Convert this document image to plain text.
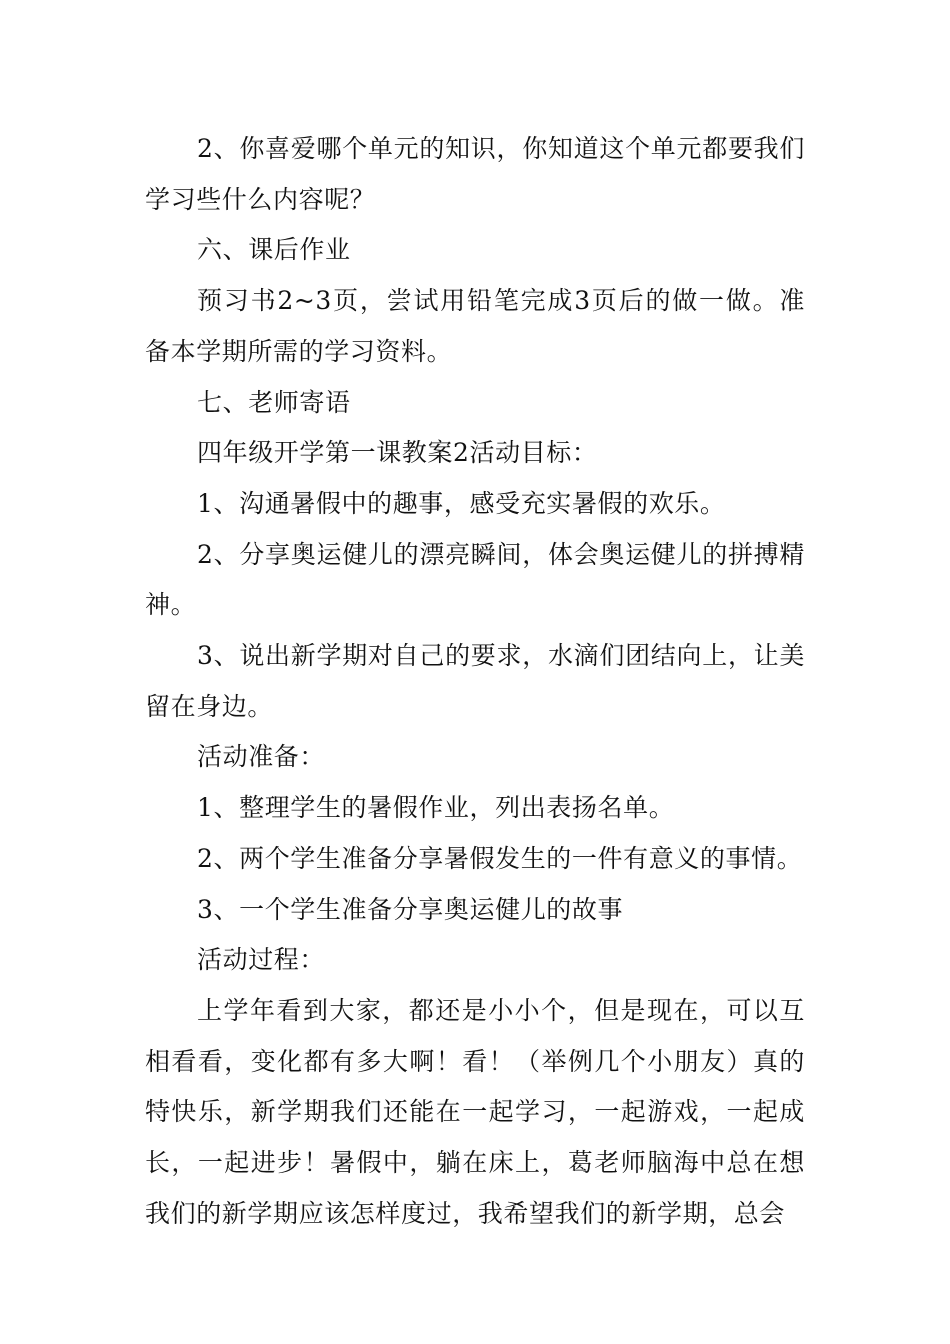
2、你喜爱哪个单元的知识，你知道这个单元都要我们学习些什么内容呢？

六、课后作业

预习书2~3页，尝试用铅笔完成3页后的做一做。准备本学期所需的学习资料。

七、老师寄语

四年级开学第一课教案2活动目标：

1、沟通暑假中的趣事，感受充实暑假的欢乐。

2、分享奥运健儿的漂亮瞬间，体会奥运健儿的拼搏精神。

3、说出新学期对自己的要求，水滴们团结向上，让美留在身边。

活动准备：

1、整理学生的暑假作业，列出表扬名单。

2、两个学生准备分享暑假发生的一件有意义的事情。

3、一个学生准备分享奥运健儿的故事

活动过程：

上学年看到大家，都还是小小个，但是现在，可以互相看看，变化都有多大啊！看！（举例几个小朋友）真的特快乐，新学期我们还能在一起学习，一起游戏，一起成长，一起进步！暑假中，躺在床上，葛老师脑海中总在想我们的新学期应该怎样度过，我希望我们的新学期，总会
